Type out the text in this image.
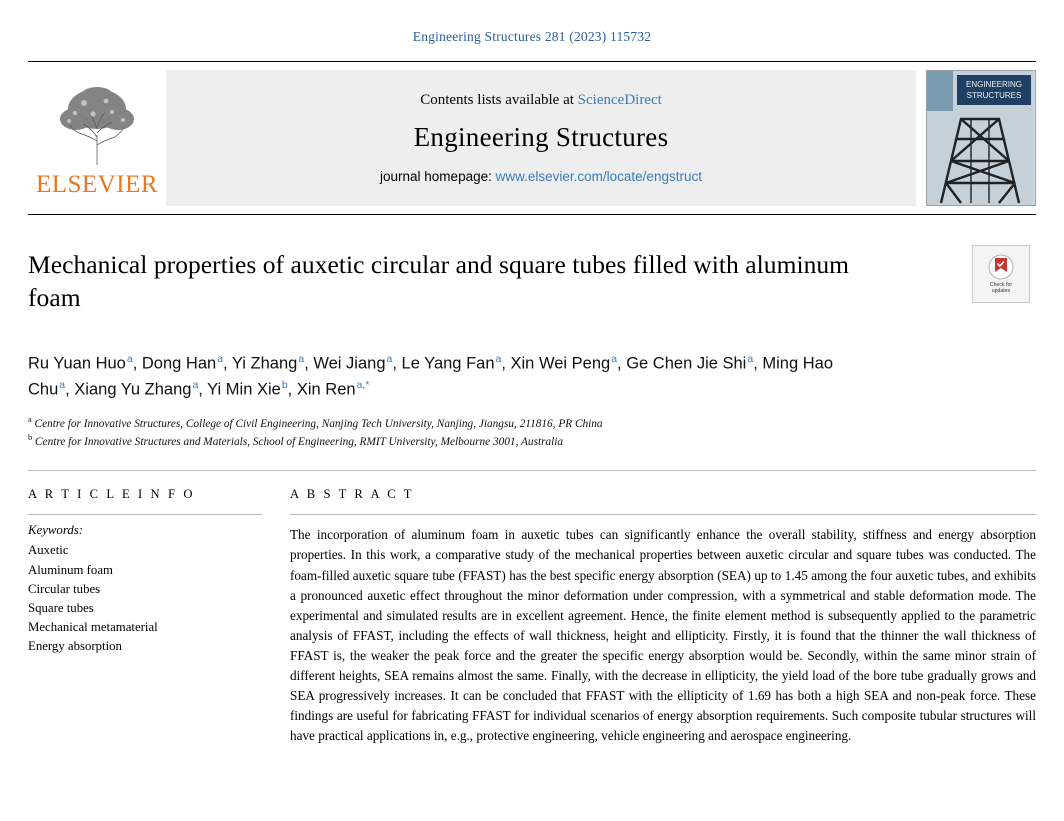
Engineering Structures 281 (2023) 115732
ELSEVIER
Contents lists available at ScienceDirect
Engineering Structures
journal homepage: www.elsevier.com/locate/engstruct
ENGINEERING
STRUCTURES
Check for
updates
Mechanical properties of auxetic circular and square tubes filled with aluminum foam
Ru Yuan Huo$^a$, Dong Han$^a$, Yi Zhang$^a$, Wei Jiang$^a$, Le Yang Fan$^a$, Xin Wei Peng$^a$, Ge Chen Jie Shi$^a$, Ming Hao Chu$^a$, Xiang Yu Zhang$^a$, Yi Min Xie$^b$, Xin Ren$^{a,*}$
$^a$ Centre for Innovative Structures, College of Civil Engineering, Nanjing Tech University, Nanjing, Jiangsu, 211816, PR China
$^b$ Centre for Innovative Structures and Materials, School of Engineering, RMIT University, Melbourne 3001, Australia
A R T I C L E I N F O
Keywords:
Auxetic
Aluminum foam
Circular tubes
Square tubes
Mechanical metamaterial
Energy absorption
A B S T R A C T
The incorporation of aluminum foam in auxetic tubes can significantly enhance the overall stability, stiffness and energy absorption properties. In this work, a comparative study of the mechanical properties between auxetic circular and square tubes was conducted. The foam-filled auxetic square tube (FFAST) has the best specific energy absorption (SEA) up to 1.45 among the four auxetic tubes, and exhibits a pronounced auxetic effect throughout the minor deformation under compression, with a symmetrical and stable deformation mode. The experimental and simulated results are in excellent agreement. Hence, the finite element method is subsequently applied to the parametric analysis of FFAST, including the effects of wall thickness, height and ellipticity. Firstly, it is found that the thinner the wall thickness of FFAST is, the weaker the peak force and the greater the specific energy absorption would be. Secondly, within the same minor strain of different heights, SEA remains almost the same. Finally, with the decrease in ellipticity, the yield load of the bore tube gradually grows and SEA progressively increases. It can be concluded that FFAST with the ellipticity of 1.69 has both a high SEA and non-peak force. These findings are useful for fabricating FFAST for individual scenarios of energy absorption requirements. Such composite tubular structures will have practical applications in, e.g., protective engineering, vehicle engineering and aerospace engineering.
